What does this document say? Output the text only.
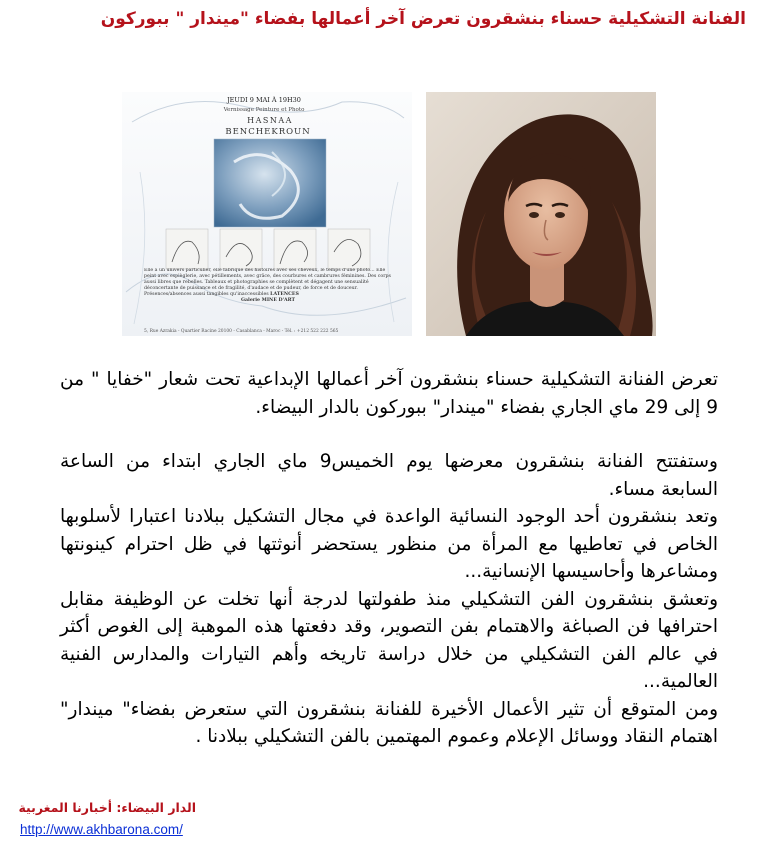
الفنانة التشكيلية حسناء بنشقرون تعرض آخر أعمالها بفضاء "ميندار " ببوركون
JEUDI 9 MAI À 19H30
Vernissage Peinture et Photo
HASNAA
BENCHEKROUN
Elle a un univers particulier, elle fabrique des histoires avec ses cheveux, le temps d'une photo... Elle peint avec espièglerie, avec pétillements, avec grâce, des courbures et cambrures féminines. Des corps aussi libres que rebelles. Tableaux et photographies se complètent et dégagent une sensualité déconcertante de puissance et de fragilité, d'audace et de pudeur, de force et de douceur. Présences/absences aussi tangibles qu'inaccessibles LATENCES
Galerie MINE D'ART
5, Rue Azrakia - Quartier Racine 20100 - Casablanca - Maroc - Tél. : +212 522 222 565

تعرض الفنانة التشكيلية حسناء بنشقرون آخر أعمالها الإبداعية تحت شعار "خفايا " من 9 إلى 29 ماي الجاري بفضاء "ميندار" ببوركون بالدار البيضاء.

وستفتتح الفنانة بنشقرون معرضها يوم الخميس9 ماي الجاري ابتداء من الساعة السابعة مساء.

وتعد بنشقرون أحد الوجود النسائية الواعدة في مجال التشكيل ببلادنا اعتبارا لأسلوبها الخاص في تعاطيها مع المرأة من منظور يستحضر أنوثتها في ظل احترام كينونتها ومشاعرها وأحاسيسها الإنسانية...

وتعشق بنشقرون الفن التشكيلي منذ طفولتها لدرجة أنها تخلت عن الوظيفة مقابل احترافها فن الصباغة والاهتمام بفن التصوير، وقد دفعتها هذه الموهبة إلى الغوص أكثر في عالم الفن التشكيلي من خلال دراسة تاريخه وأهم التيارات والمدارس الفنية العالمية...

ومن المتوقع أن تثير الأعمال الأخيرة للفنانة بنشقرون التي ستعرض بفضاء" ميندار" اهتمام النقاد ووسائل الإعلام وعموم المهتمين بالفن التشكيلي ببلادنا .

الدار البيضاء: أخبارنا المغربية
http://www.akhbarona.com/
